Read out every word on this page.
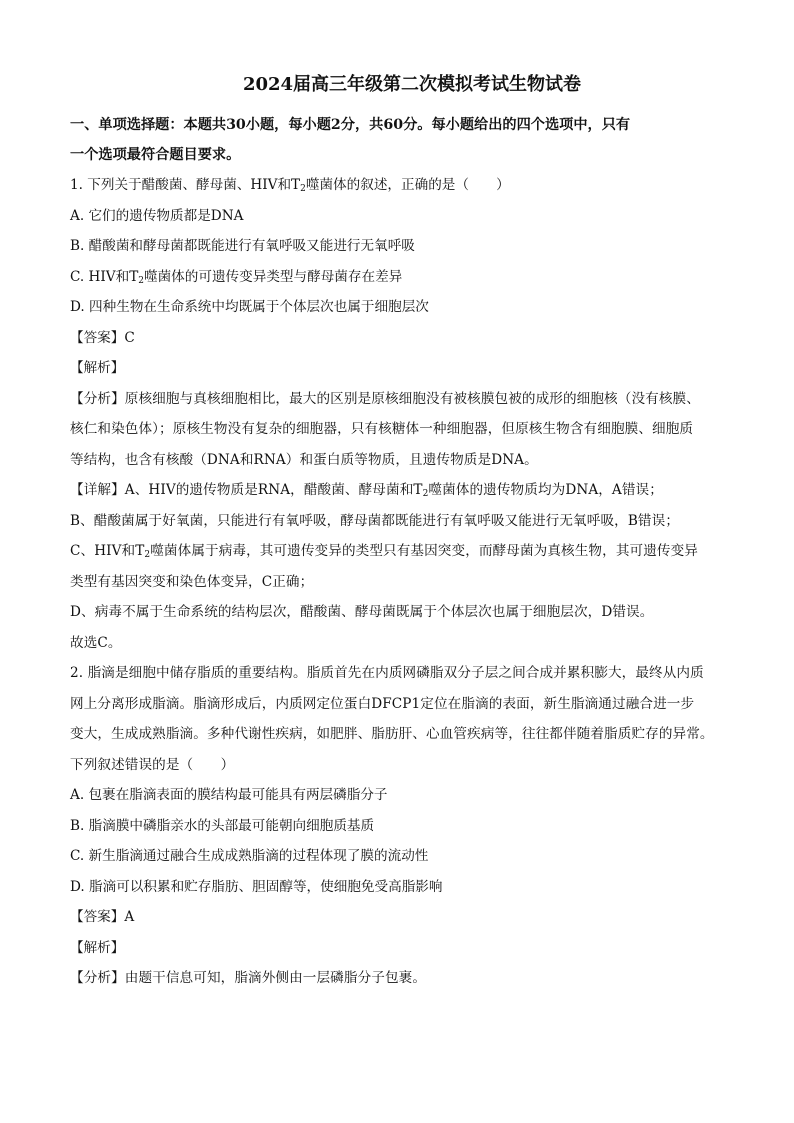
2024届高三年级第二次模拟考试生物试卷
一、单项选择题：本题共30小题，每小题2分，共60分。每小题给出的四个选项中，只有
一个选项最符合题目要求。
1. 下列关于醋酸菌、酵母菌、HIV和$T_2$噬菌体的叙述，正确的是（　　）
A. 它们的遗传物质都是DNA
B. 醋酸菌和酵母菌都既能进行有氧呼吸又能进行无氧呼吸
C. HIV和$T_2$噬菌体的可遗传变异类型与酵母菌存在差异
D. 四种生物在生命系统中均既属于个体层次也属于细胞层次
【答案】C
【解析】
【分析】原核细胞与真核细胞相比，最大的区别是原核细胞没有被核膜包被的成形的细胞核（没有核膜、
核仁和染色体）；原核生物没有复杂的细胞器，只有核糖体一种细胞器，但原核生物含有细胞膜、细胞质
等结构，也含有核酸（DNA和RNA）和蛋白质等物质，且遗传物质是DNA。
【详解】A、HIV的遗传物质是RNA，醋酸菌、酵母菌和$T_2$噬菌体的遗传物质均为DNA，A错误；
B、醋酸菌属于好氧菌，只能进行有氧呼吸，酵母菌都既能进行有氧呼吸又能进行无氧呼吸，B错误；
C、HIV和$T_2$噬菌体属于病毒，其可遗传变异的类型只有基因突变，而酵母菌为真核生物，其可遗传变异
类型有基因突变和染色体变异，C正确；
D、病毒不属于生命系统的结构层次，醋酸菌、酵母菌既属于个体层次也属于细胞层次，D错误。
故选C。
2. 脂滴是细胞中储存脂质的重要结构。脂质首先在内质网磷脂双分子层之间合成并累积膨大，最终从内质
网上分离形成脂滴。脂滴形成后，内质网定位蛋白DFCP1定位在脂滴的表面，新生脂滴通过融合进一步
变大，生成成熟脂滴。多种代谢性疾病，如肥胖、脂肪肝、心血管疾病等，往往都伴随着脂质贮存的异常。
下列叙述错误的是（　　）
A. 包裹在脂滴表面的膜结构最可能具有两层磷脂分子
B. 脂滴膜中磷脂亲水的头部最可能朝向细胞质基质
C. 新生脂滴通过融合生成成熟脂滴的过程体现了膜的流动性
D. 脂滴可以积累和贮存脂肪、胆固醇等，使细胞免受高脂影响
【答案】A
【解析】
【分析】由题干信息可知，脂滴外侧由一层磷脂分子包裹。
